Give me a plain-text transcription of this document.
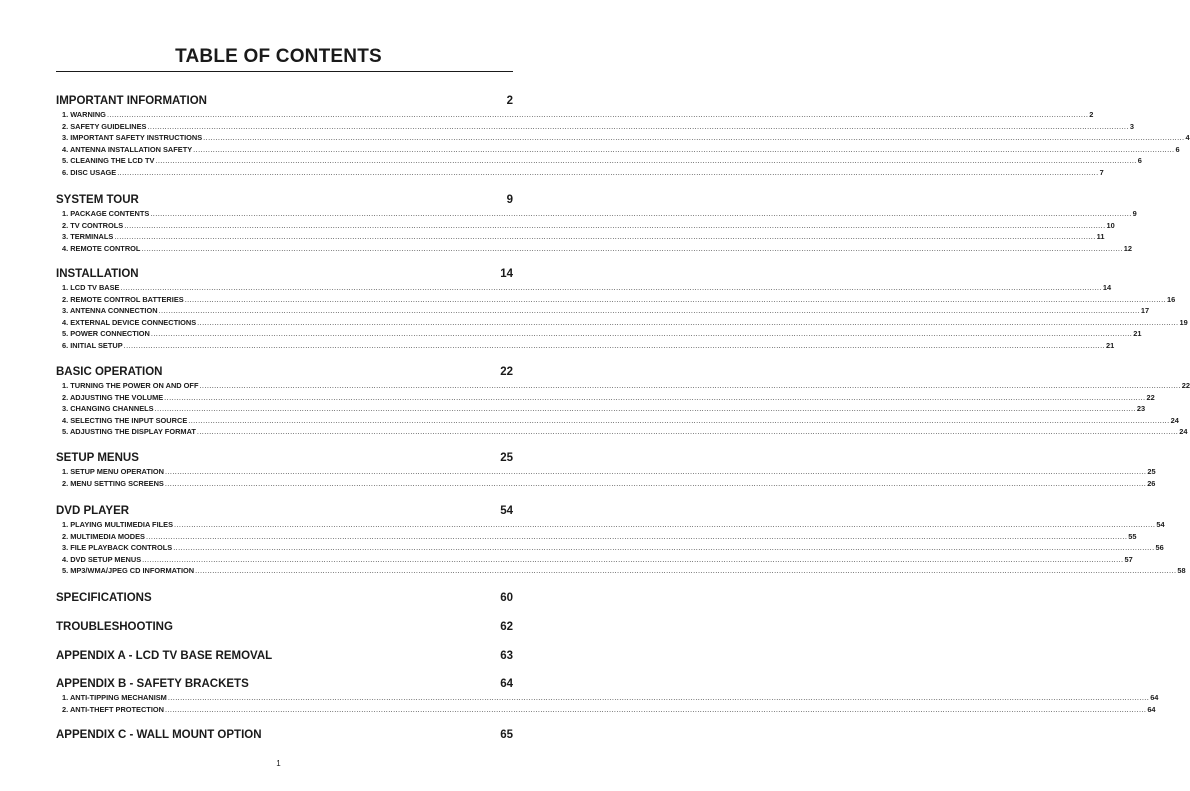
TABLE OF CONTENTS
IMPORTANT INFORMATION	2
1. WARNING ................................................................................................................................................................................................................................................................................................................................................................................................................ 2
2. SAFETY GUIDELINES ................................................................................................................................................................................................................................................................................................................................................................................................................ 3
3. IMPORTANT SAFETY INSTRUCTIONS ................................................................................................................................................................................................................................................................................................................................................................................................................ 4
4. ANTENNA INSTALLATION SAFETY ................................................................................................................................................................................................................................................................................................................................................................................................................ 6
5. CLEANING THE LCD TV ................................................................................................................................................................................................................................................................................................................................................................................................................ 6
6. DISC USAGE ................................................................................................................................................................................................................................................................................................................................................................................................................ 7
SYSTEM TOUR	9
1. PACKAGE CONTENTS ................................................................................................................................................................................................................................................................................................................................................................................................................ 9
2. TV CONTROLS ................................................................................................................................................................................................................................................................................................................................................................................................................ 10
3. TERMINALS ................................................................................................................................................................................................................................................................................................................................................................................................................ 11
4. REMOTE CONTROL ................................................................................................................................................................................................................................................................................................................................................................................................................ 12
INSTALLATION	14
1. LCD TV BASE ................................................................................................................................................................................................................................................................................................................................................................................................................ 14
2. REMOTE CONTROL BATTERIES ................................................................................................................................................................................................................................................................................................................................................................................................................ 16
3. ANTENNA CONNECTION ................................................................................................................................................................................................................................................................................................................................................................................................................ 17
4. EXTERNAL DEVICE CONNECTIONS ................................................................................................................................................................................................................................................................................................................................................................................................................ 19
5. POWER CONNECTION ................................................................................................................................................................................................................................................................................................................................................................................................................ 21
6. INITIAL SETUP ................................................................................................................................................................................................................................................................................................................................................................................................................ 21
BASIC OPERATION	22
1. TURNING THE POWER ON AND OFF ................................................................................................................................................................................................................................................................................................................................................................................................................ 22
2. ADJUSTING THE VOLUME ................................................................................................................................................................................................................................................................................................................................................................................................................ 22
3. CHANGING CHANNELS ................................................................................................................................................................................................................................................................................................................................................................................................................ 23
4. SELECTING THE INPUT SOURCE ................................................................................................................................................................................................................................................................................................................................................................................................................ 24
5. ADJUSTING THE DISPLAY FORMAT ................................................................................................................................................................................................................................................................................................................................................................................................................ 24
SETUP MENUS	25
1. SETUP MENU OPERATION ................................................................................................................................................................................................................................................................................................................................................................................................................ 25
2. MENU SETTING SCREENS ................................................................................................................................................................................................................................................................................................................................................................................................................ 26
DVD PLAYER	54
1. PLAYING MULTIMEDIA FILES ................................................................................................................................................................................................................................................................................................................................................................................................................ 54
2. MULTIMEDIA MODES ................................................................................................................................................................................................................................................................................................................................................................................................................ 55
3. FILE PLAYBACK CONTROLS ................................................................................................................................................................................................................................................................................................................................................................................................................ 56
4. DVD SETUP MENUS ................................................................................................................................................................................................................................................................................................................................................................................................................ 57
5. MP3/WMA/JPEG CD INFORMATION ................................................................................................................................................................................................................................................................................................................................................................................................................ 58
SPECIFICATIONS	60
TROUBLESHOOTING	62
APPENDIX A - LCD TV BASE REMOVAL	63
APPENDIX B - SAFETY BRACKETS	64
1. ANTI-TIPPING MECHANISM ................................................................................................................................................................................................................................................................................................................................................................................................................ 64
2. ANTI-THEFT PROTECTION ................................................................................................................................................................................................................................................................................................................................................................................................................ 64
APPENDIX C - WALL MOUNT OPTION	65
1
